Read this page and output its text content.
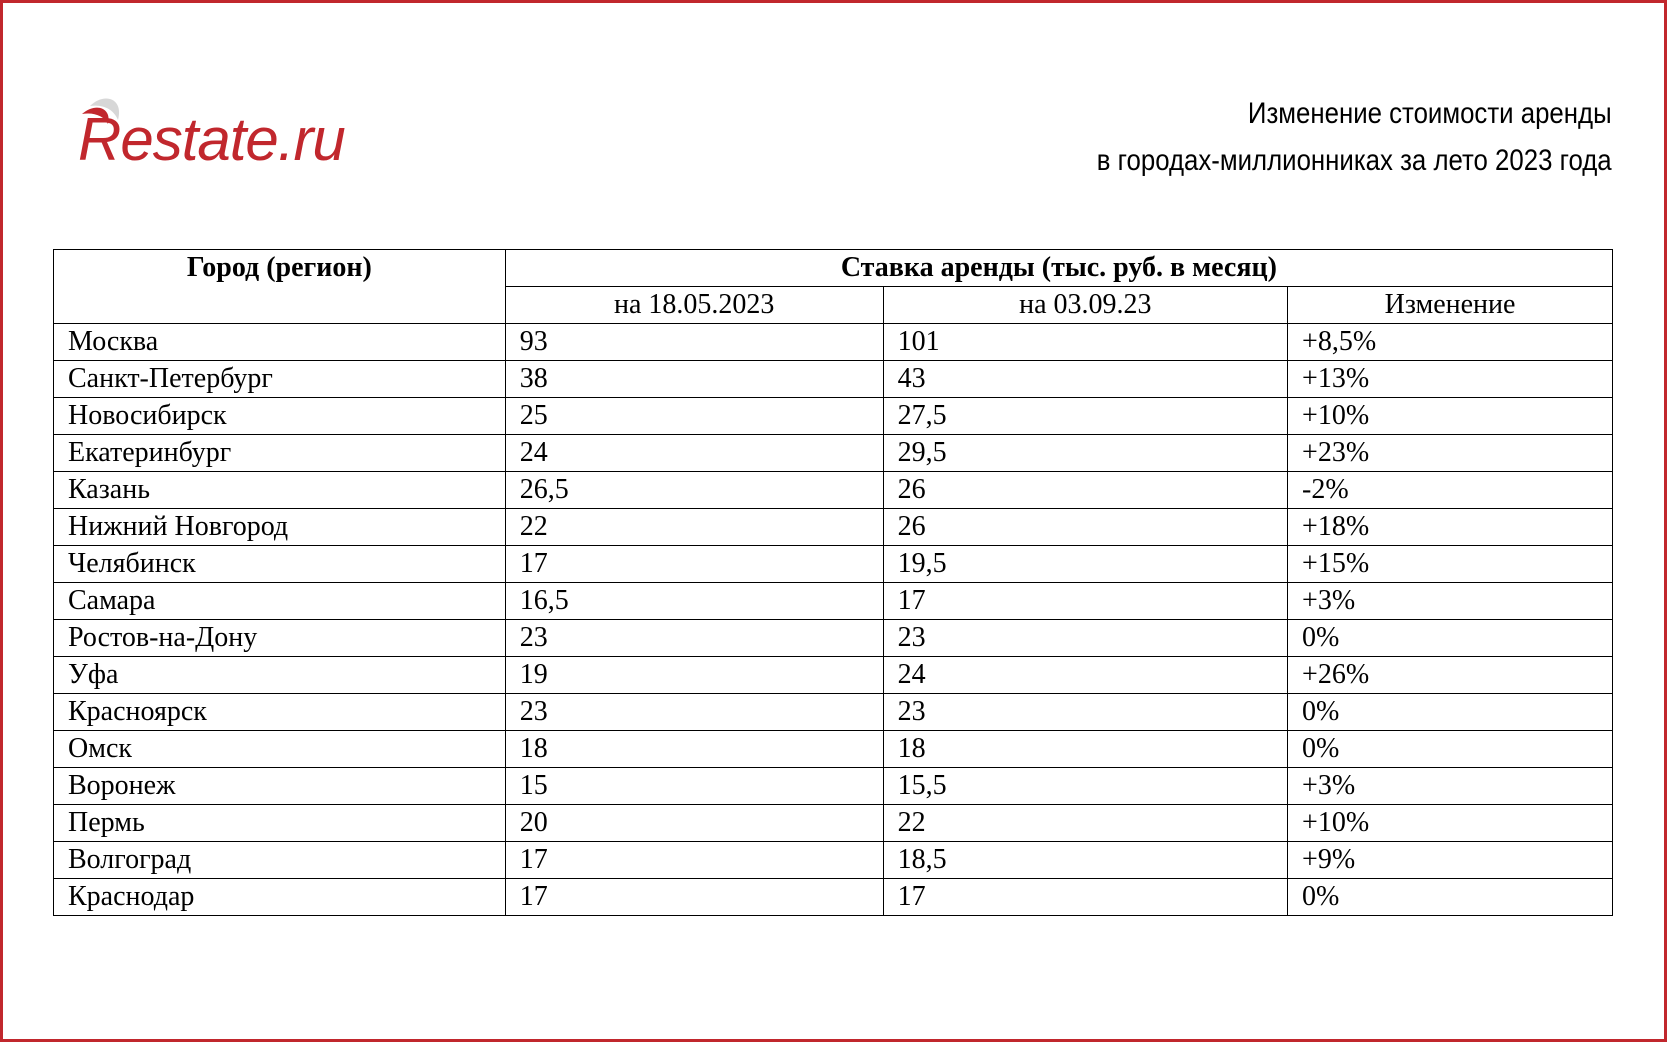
Restate.ru	Изменение стоимости аренды
в городах-миллионниках за лето 2023 года
Город (регион)	Ставка аренды (тыс. руб. в месяц)		
	на 18.05.2023	на 03.09.23	Изменение
Москва	93	101	+8,5%
Санкт-Петербург	38	43	+13%
Новосибирск	25	27,5	+10%
Екатеринбург	24	29,5	+23%
Казань	26,5	26	-2%
Нижний Новгород	22	26	+18%
Челябинск	17	19,5	+15%
Самара	16,5	17	+3%
Ростов-на-Дону	23	23	0%
Уфа	19	24	+26%
Красноярск	23	23	0%
Омск	18	18	0%
Воронеж	15	15,5	+3%
Пермь	20	22	+10%
Волгоград	17	18,5	+9%
Краснодар	17	17	0%
